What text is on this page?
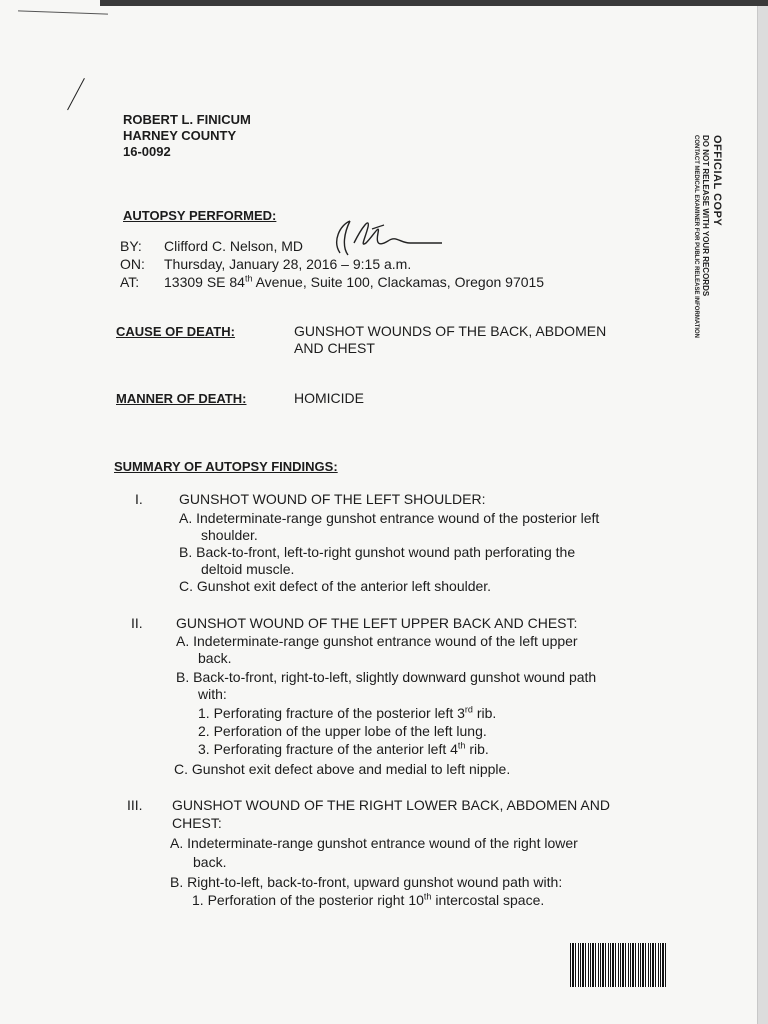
ROBERT L. FINICUM
HARNEY COUNTY
16-0092	OFFICIAL COPY
DO NOT RELEASE WITH YOUR RECORDS
CONTACT MEDICAL EXAMINER FOR PUBLIC RELEASE INFORMATION
AUTOPSY PERFORMED:
BY: Clifford C. Nelson, MD
ON: Thursday, January 28, 2016 – 9:15 a.m.
AT: 13309 SE 84th Avenue, Suite 100, Clackamas, Oregon 97015
CAUSE OF DEATH:	GUNSHOT WOUNDS OF THE BACK, ABDOMEN
AND CHEST
MANNER OF DEATH:	HOMICIDE
SUMMARY OF AUTOPSY FINDINGS:
I.	GUNSHOT WOUND OF THE LEFT SHOULDER:
A. Indeterminate-range gunshot entrance wound of the posterior left
shoulder.
B. Back-to-front, left-to-right gunshot wound path perforating the
deltoid muscle.
C. Gunshot exit defect of the anterior left shoulder.
II. GUNSHOT WOUND OF THE LEFT UPPER BACK AND CHEST:
A. Indeterminate-range gunshot entrance wound of the left upper
back.
B. Back-to-front, right-to-left, slightly downward gunshot wound path
with:
1. Perforating fracture of the posterior left 3rd rib.
2. Perforation of the upper lobe of the left lung.
3. Perforating fracture of the anterior left 4th rib.
C. Gunshot exit defect above and medial to left nipple.
III. GUNSHOT WOUND OF THE RIGHT LOWER BACK, ABDOMEN AND
CHEST:
A. Indeterminate-range gunshot entrance wound of the right lower
back.
B. Right-to-left, back-to-front, upward gunshot wound path with:
1. Perforation of the posterior right 10th intercostal space.
